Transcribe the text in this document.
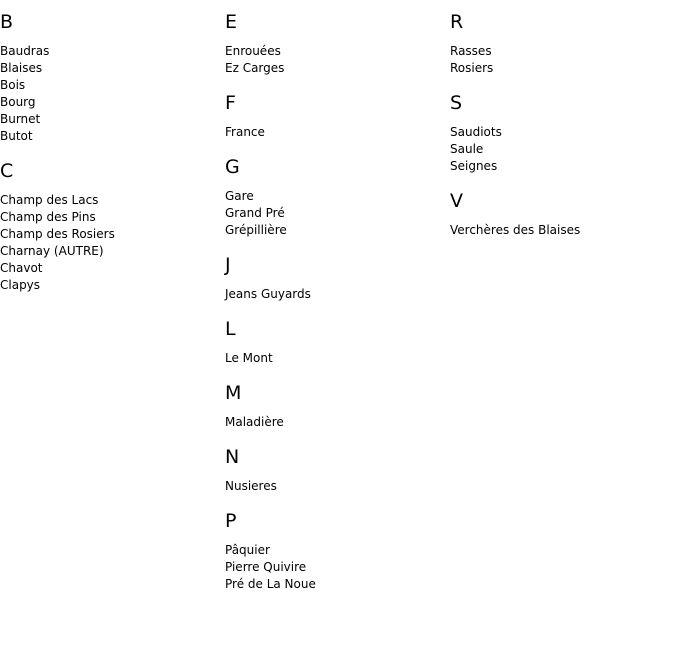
B
Baudras
Blaises
Bois
Bourg
Burnet
Butot
C
Champ des Lacs
Champ des Pins
Champ des Rosiers
Charnay (AUTRE)
Chavot
Clapys
E
Enrouées
Ez Carges
F
France
G
Gare
Grand Pré
Grépillière
J
Jeans Guyards
L
Le Mont
M
Maladière
N
Nusieres
P
Pâquier
Pierre Quivire
Pré de La Noue
R
Rasses
Rosiers
S
Saudiots
Saule
Seignes
V
Verchères des Blaises
